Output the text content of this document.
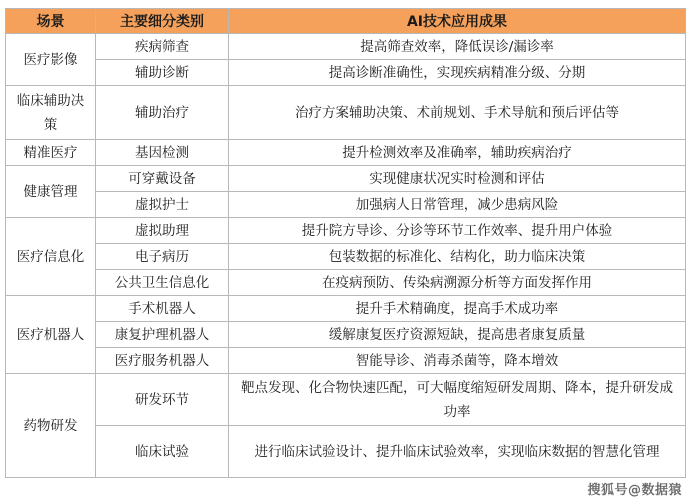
场景	主要细分类别	AI技术应用成果
医疗影像	疾病筛查	提高筛查效率，降低误诊/漏诊率
	辅助诊断	提高诊断准确性，实现疾病精准分级、分期
临床辅助决策	辅助治疗	治疗方案辅助决策、术前规划、手术导航和预后评估等
精准医疗	基因检测	提升检测效率及准确率，辅助疾病治疗
健康管理	可穿戴设备	实现健康状况实时检测和评估
	虚拟护士	加强病人日常管理，减少患病风险
医疗信息化	虚拟助理	提升院方导诊、分诊等环节工作效率、提升用户体验
	电子病历	包装数据的标准化、结构化，助力临床决策
	公共卫生信息化	在疫病预防、传染病溯源分析等方面发挥作用
医疗机器人	手术机器人	提升手术精确度，提高手术成功率
	康复护理机器人	缓解康复医疗资源短缺，提高患者康复质量
	医疗服务机器人	智能导诊、消毒杀菌等，降本增效
药物研发	研发环节	靶点发现、化合物快速匹配，可大幅度缩短研发周期、降本，提升研发成功率
	临床试验	进行临床试验设计、提升临床试验效率，实现临床数据的智慧化管理
搜狐号@数据猿
